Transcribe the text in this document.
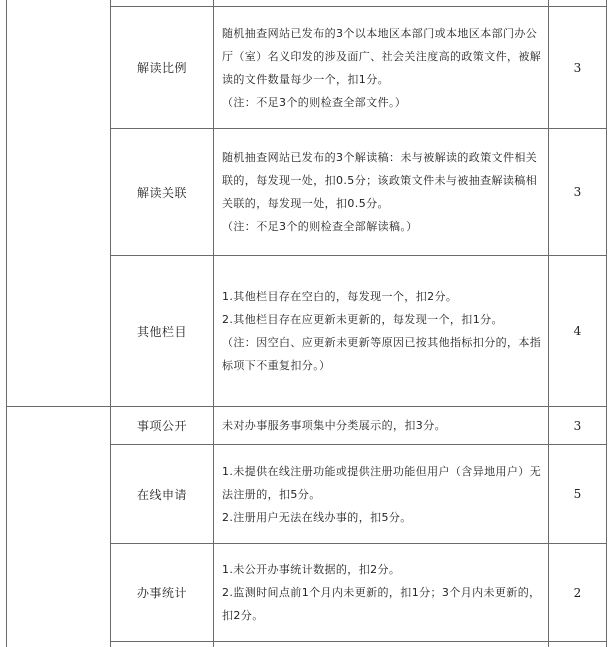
解读比例
随机抽查网站已发布的3个以本地区本部门或本地区本部门办公厅（室）名义印发的涉及面广、社会关注度高的政策文件，被解读的文件数量每少一个，扣1分。
（注：不足3个的则检查全部文件。）
3
解读关联
随机抽查网站已发布的3个解读稿：未与被解读的政策文件相关联的，每发现一处，扣0.5分；该政策文件未与被抽查解读稿相关联的，每发现一处，扣0.5分。
（注：不足3个的则检查全部解读稿。）
3
其他栏目
1.其他栏目存在空白的，每发现一个，扣2分。
2.其他栏目存在应更新未更新的，每发现一个，扣1分。
（注：因空白、应更新未更新等原因已按其他指标扣分的，本指标项下不重复扣分。）
4
事项公开	未对办事服务事项集中分类展示的，扣3分。	3
在线申请
1.未提供在线注册功能或提供注册功能但用户（含异地用户）无法注册的，扣5分。
2.注册用户无法在线办事的，扣5分。
5
办事统计
1.未公开办事统计数据的，扣2分。
2.监测时间点前1个月内未更新的，扣1分；3个月内未更新的，扣2分。
2
